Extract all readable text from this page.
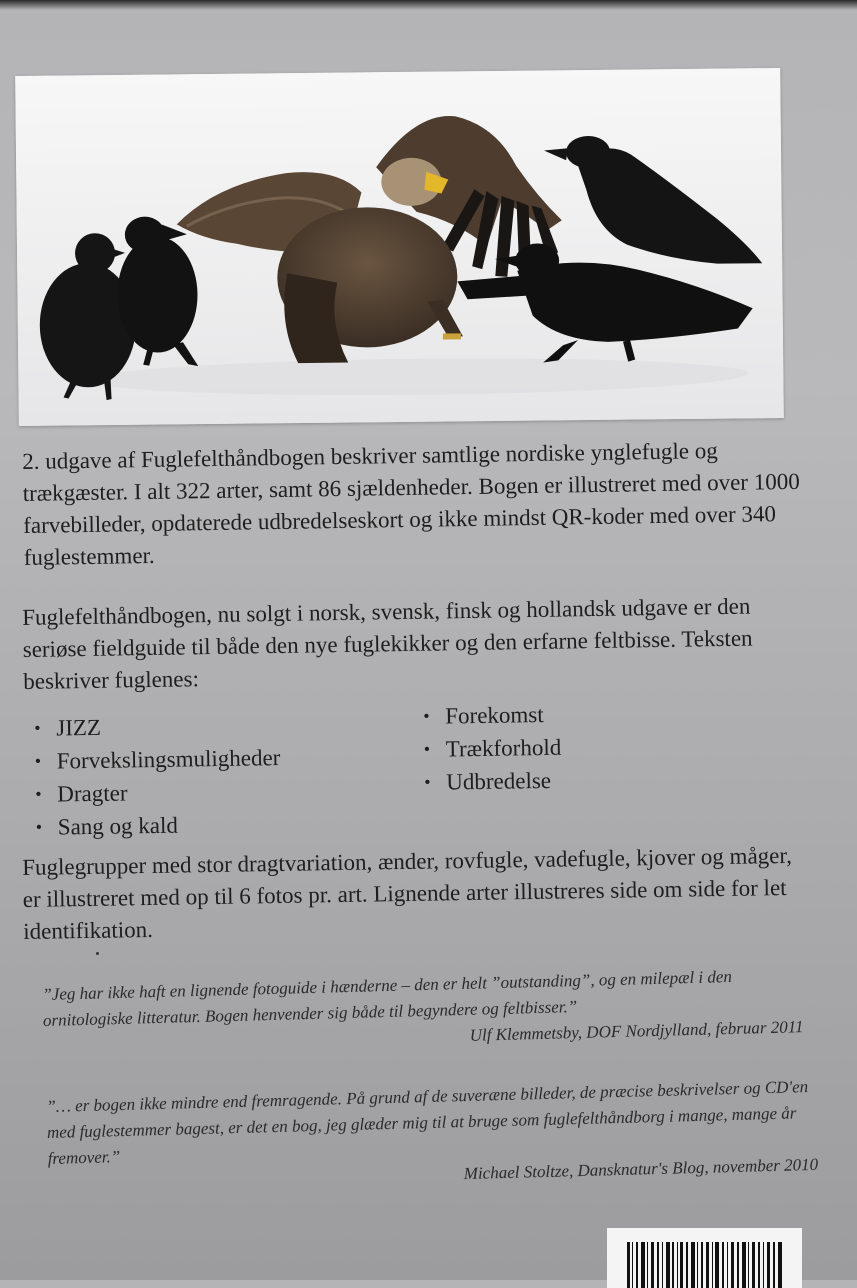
2. udgave af Fuglefelthåndbogen beskriver samtlige nordiske ynglefugle og trækgæster. I alt 322 arter, samt 86 sjældenheder. Bogen er illustreret med over 1000 farvebilleder, opdaterede udbredelseskort og ikke mindst QR-koder med over 340 fuglestemmer.

Fuglefelthåndbogen, nu solgt i norsk, svensk, finsk og hollandsk udgave er den seriøse fieldguide til både den nye fuglekikker og den erfarne feltbisse. Teksten beskriver fuglenes:

• JIZZ
• Forvekslingsmuligheder
• Dragter
• Sang og kald
• Forekomst
• Trækforhold
• Udbredelse

Fuglegrupper med stor dragtvariation, ænder, rovfugle, vadefugle, kjover og måger, er illustreret med op til 6 fotos pr. art. Lignende arter illustreres side om side for let identifikation.

”Jeg har ikke haft en lignende fotoguide i hænderne – den er helt ”outstanding”, og en milepæl i den ornitologiske litteratur. Bogen henvender sig både til begyndere og feltbisser.”
Ulf Klemmetsby, DOF Nordjylland, februar 2011

”… er bogen ikke mindre end fremragende. På grund af de suveræne billeder, de præcise beskrivelser og CD'en med fuglestemmer bagest, er det en bog, jeg glæder mig til at bruge som fuglefelthåndborg i mange, mange år fremover.”	Michael Stoltze, Dansknatur's Blog, november 2010
